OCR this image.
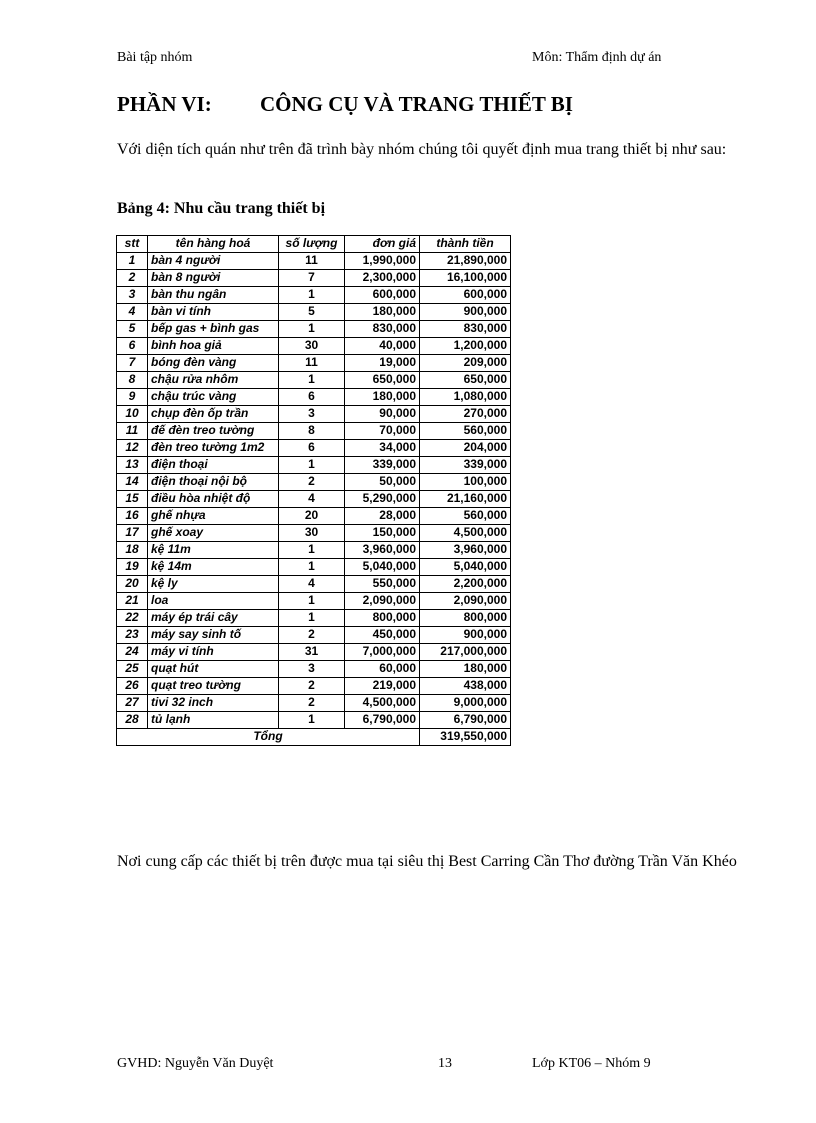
Bài tập nhóm	Môn: Thẩm định dự án
PHẦN VI: CÔNG CỤ VÀ TRANG THIẾT BỊ
Với diện tích quán như trên đã trình bày nhóm chúng tôi quyết định mua trang thiết bị như sau:
Bảng 4: Nhu cầu trang thiết bị
stt	tên hàng hoá	số lượng	đơn giá	thành tiền
1	bàn 4 người	11	1,990,000	21,890,000
2	bàn 8 người	7	2,300,000	16,100,000
3	bàn thu ngân	1	600,000	600,000
4	bàn vi tính	5	180,000	900,000
5	bếp gas + bình gas	1	830,000	830,000
6	bình hoa giả	30	40,000	1,200,000
7	bóng đèn vàng	11	19,000	209,000
8	chậu rửa nhôm	1	650,000	650,000
9	chậu trúc vàng	6	180,000	1,080,000
10	chụp đèn ốp trần	3	90,000	270,000
11	đế đèn treo tường	8	70,000	560,000
12	đèn treo tường 1m2	6	34,000	204,000
13	điện thoại	1	339,000	339,000
14	điện thoại nội bộ	2	50,000	100,000
15	điều hòa nhiệt độ	4	5,290,000	21,160,000
16	ghế nhựa	20	28,000	560,000
17	ghế xoay	30	150,000	4,500,000
18	kệ 11m	1	3,960,000	3,960,000
19	kệ 14m	1	5,040,000	5,040,000
20	kệ ly	4	550,000	2,200,000
21	loa	1	2,090,000	2,090,000
22	máy ép trái cây	1	800,000	800,000
23	máy say sinh tố	2	450,000	900,000
24	máy vi tính	31	7,000,000	217,000,000
25	quạt hút	3	60,000	180,000
26	quạt treo tường	2	219,000	438,000
27	tivi 32 inch	2	4,500,000	9,000,000
28	tủ lạnh	1	6,790,000	6,790,000
Tổng				319,550,000
Nơi cung cấp các thiết bị trên được mua tại siêu thị Best Carring Cần Thơ đường Trần Văn Khéo
GVHD: Nguyễn Văn Duyệt	13	Lớp KT06 – Nhóm 9
